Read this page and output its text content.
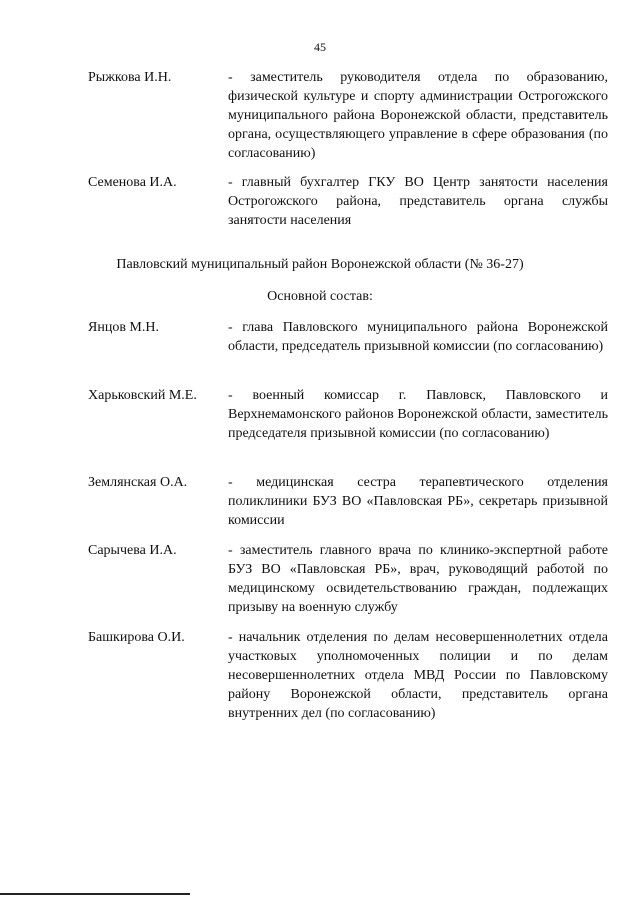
45
Рыжкова И.Н.	- заместитель руководителя отдела по образованию, физической культуре и спорту администрации Острогожского муниципального района Воронежской области, представитель органа, осуществляющего управление в сфере образования (по согласованию)
Семенова И.А.	- главный бухгалтер ГКУ ВО Центр занятости населения Острогожского района, представитель органа службы занятости населения
Павловский муниципальный район Воронежской области (№ 36-27)
Основной состав:
Янцов М.Н.	- глава Павловского муниципального района Воронежской области, председатель призывной комиссии (по согласованию)
Харьковский М.Е. - военный комиссар г. Павловск, Павловского и Верхнемамонского районов Воронежской области, заместитель председателя призывной комиссии (по согласованию)
Землянская О.А.	- медицинская сестра терапевтического отделения поликлиники БУЗ ВО «Павловская РБ», секретарь призывной комиссии
Сарычева И.А.	- заместитель главного врача по клинико-экспертной работе БУЗ ВО «Павловская РБ», врач, руководящий работой по медицинскому освидетельствованию граждан, подлежащих призыву на военную службу
Башкирова О.И.	- начальник отделения по делам несовершеннолетних отдела участковых уполномоченных полиции и по делам несовершеннолетних отдела МВД России по Павловскому району Воронежской области, представитель органа внутренних дел (по согласованию)
